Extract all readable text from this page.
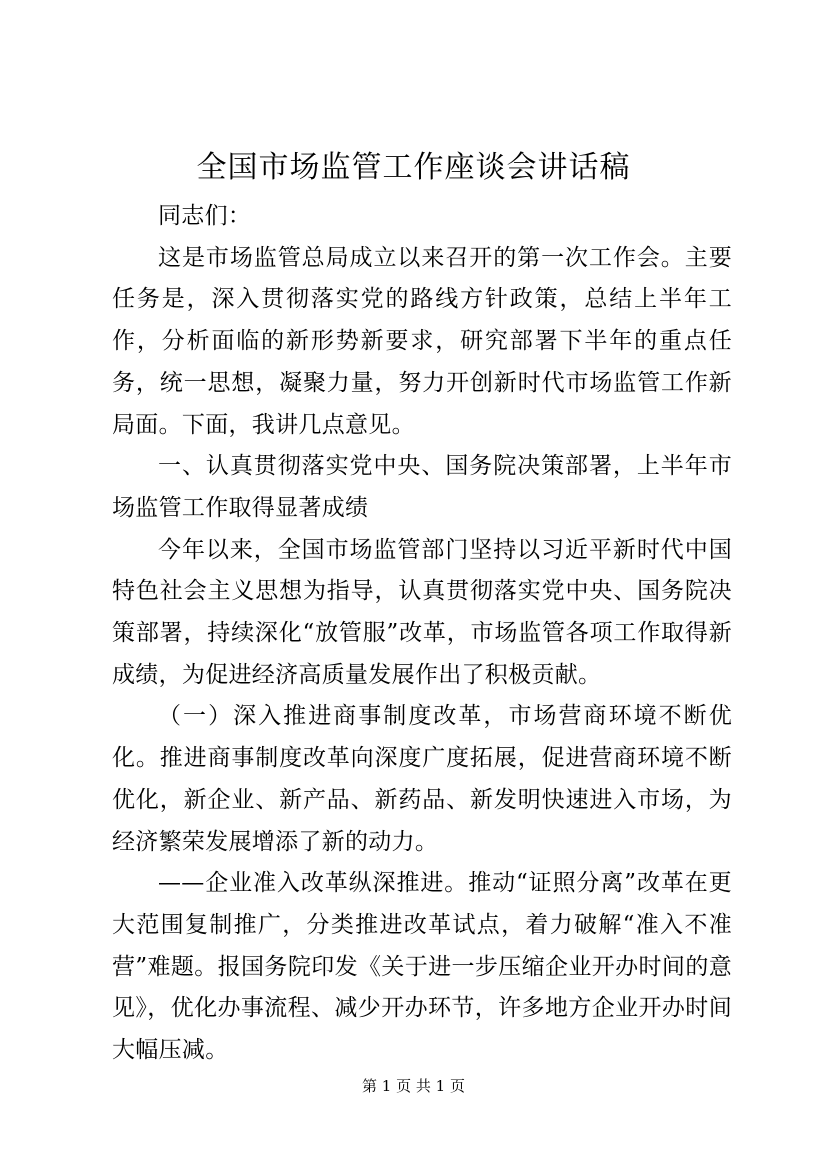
全国市场监管工作座谈会讲话稿

同志们：

这是市场监管总局成立以来召开的第一次工作会。主要任务是，深入贯彻落实党的路线方针政策，总结上半年工作，分析面临的新形势新要求，研究部署下半年的重点任务，统一思想，凝聚力量，努力开创新时代市场监管工作新局面。下面，我讲几点意见。

一、认真贯彻落实党中央、国务院决策部署，上半年市场监管工作取得显著成绩

今年以来，全国市场监管部门坚持以习近平新时代中国特色社会主义思想为指导，认真贯彻落实党中央、国务院决策部署，持续深化“放管服”改革，市场监管各项工作取得新成绩，为促进经济高质量发展作出了积极贡献。

（一）深入推进商事制度改革，市场营商环境不断优化。推进商事制度改革向深度广度拓展，促进营商环境不断优化，新企业、新产品、新药品、新发明快速进入市场，为经济繁荣发展增添了新的动力。

——企业准入改革纵深推进。推动“证照分离”改革在更大范围复制推广，分类推进改革试点，着力破解“准入不准营”难题。报国务院印发《关于进一步压缩企业开办时间的意见》，优化办事流程、减少开办环节，许多地方企业开办时间大幅压减。

第 1 页 共 1 页
